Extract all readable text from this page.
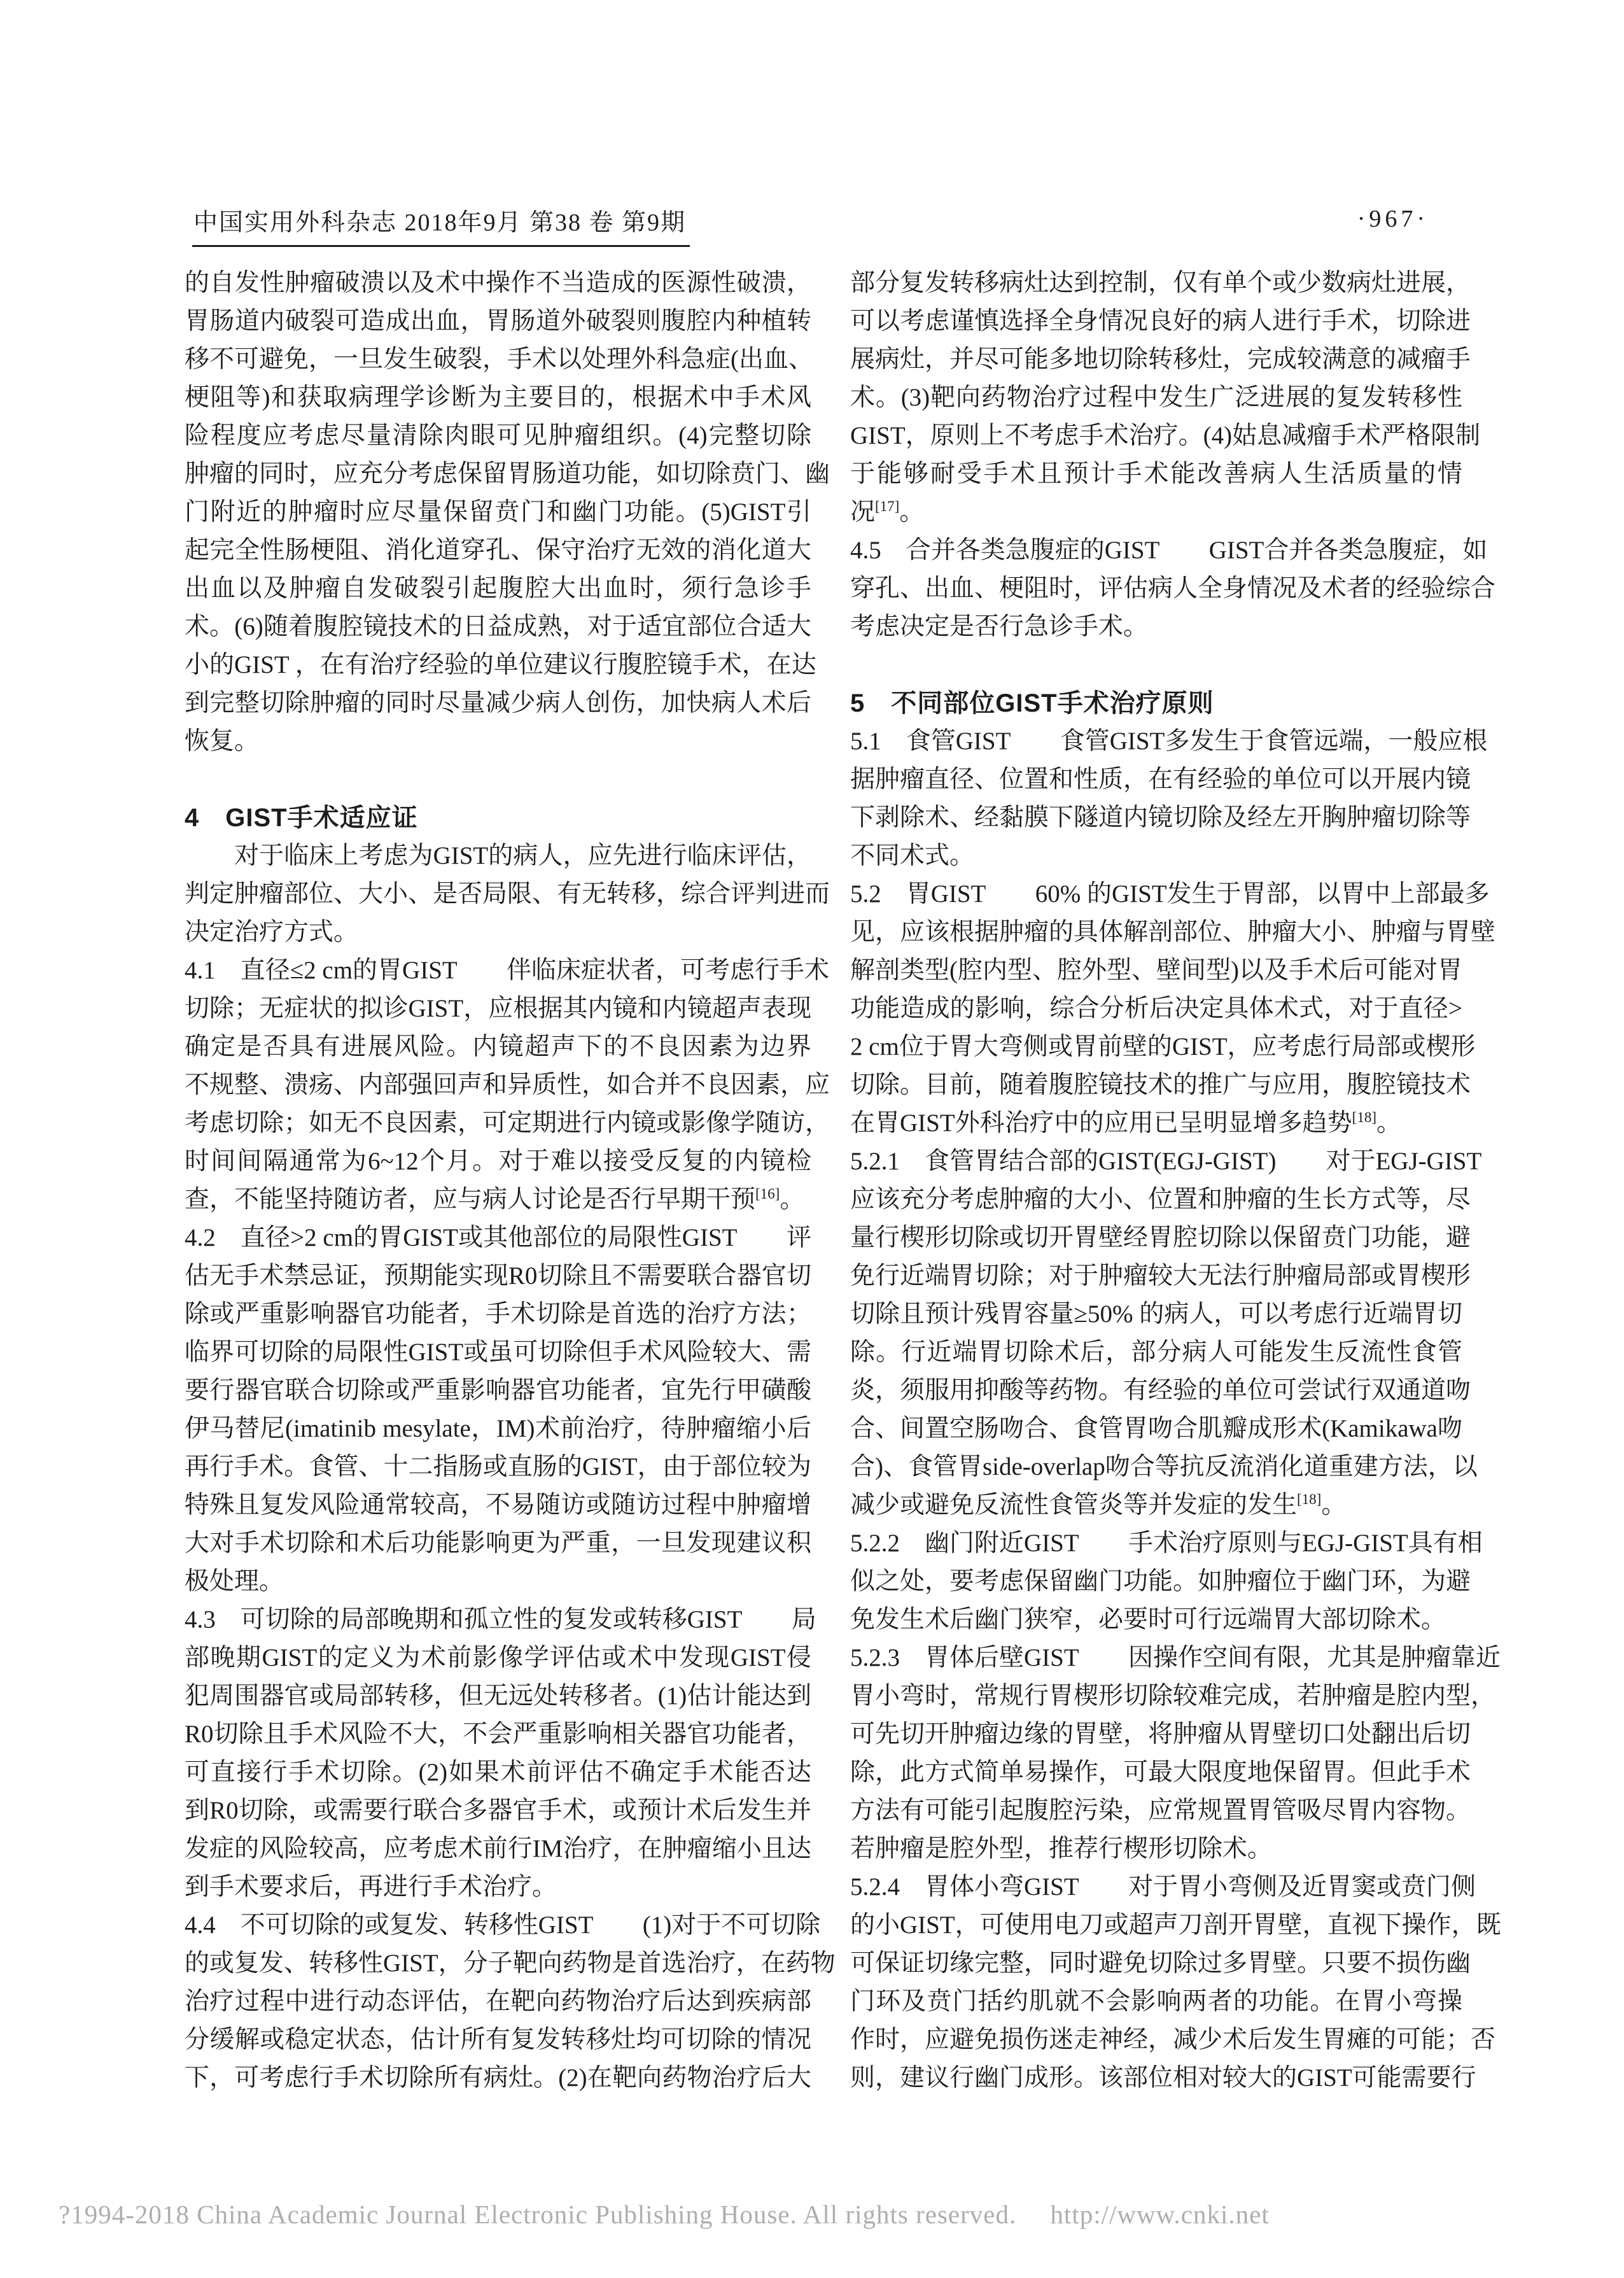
中国实用外科杂志 2018年9月 第38 卷 第9期	·967·
的自发性肿瘤破溃以及术中操作不当造成的医源性破溃，
胃肠道内破裂可造成出血，胃肠道外破裂则腹腔内种植转
移不可避免，一旦发生破裂，手术以处理外科急症(出血、
梗阻等)和获取病理学诊断为主要目的，根据术中手术风
险程度应考虑尽量清除肉眼可见肿瘤组织。(4)完整切除
肿瘤的同时，应充分考虑保留胃肠道功能，如切除贲门、幽
门附近的肿瘤时应尽量保留贲门和幽门功能。(5)GIST引
起完全性肠梗阻、消化道穿孔、保守治疗无效的消化道大
出血以及肿瘤自发破裂引起腹腔大出血时，须行急诊手
术。(6)随着腹腔镜技术的日益成熟，对于适宜部位合适大
小的GIST ，在有治疗经验的单位建议行腹腔镜手术，在达
到完整切除肿瘤的同时尽量减少病人创伤，加快病人术后
恢复。
4　GIST手术适应证
　　对于临床上考虑为GIST的病人，应先进行临床评估，
判定肿瘤部位、大小、是否局限、有无转移，综合评判进而
决定治疗方式。
4.1　直径≤2 cm的胃GIST　　伴临床症状者，可考虑行手术
切除；无症状的拟诊GIST，应根据其内镜和内镜超声表现
确定是否具有进展风险。内镜超声下的不良因素为边界
不规整、溃疡、内部强回声和异质性，如合并不良因素，应
考虑切除；如无不良因素，可定期进行内镜或影像学随访，
时间间隔通常为6~12个月。对于难以接受反复的内镜检
查，不能坚持随访者，应与病人讨论是否行早期干预[16]。
4.2　直径>2 cm的胃GIST或其他部位的局限性GIST　　评
估无手术禁忌证，预期能实现R0切除且不需要联合器官切
除或严重影响器官功能者，手术切除是首选的治疗方法；
临界可切除的局限性GIST或虽可切除但手术风险较大、需
要行器官联合切除或严重影响器官功能者，宜先行甲磺酸
伊马替尼(imatinib mesylate，IM)术前治疗，待肿瘤缩小后
再行手术。食管、十二指肠或直肠的GIST，由于部位较为
特殊且复发风险通常较高，不易随访或随访过程中肿瘤增
大对手术切除和术后功能影响更为严重，一旦发现建议积
极处理。
4.3　可切除的局部晚期和孤立性的复发或转移GIST　　局
部晚期GIST的定义为术前影像学评估或术中发现GIST侵
犯周围器官或局部转移，但无远处转移者。(1)估计能达到
R0切除且手术风险不大，不会严重影响相关器官功能者，
可直接行手术切除。(2)如果术前评估不确定手术能否达
到R0切除，或需要行联合多器官手术，或预计术后发生并
发症的风险较高，应考虑术前行IM治疗，在肿瘤缩小且达
到手术要求后，再进行手术治疗。
4.4　不可切除的或复发、转移性GIST　　(1)对于不可切除
的或复发、转移性GIST，分子靶向药物是首选治疗，在药物
治疗过程中进行动态评估，在靶向药物治疗后达到疾病部
分缓解或稳定状态，估计所有复发转移灶均可切除的情况
下，可考虑行手术切除所有病灶。(2)在靶向药物治疗后大
部分复发转移病灶达到控制，仅有单个或少数病灶进展，
可以考虑谨慎选择全身情况良好的病人进行手术，切除进
展病灶，并尽可能多地切除转移灶，完成较满意的减瘤手
术。(3)靶向药物治疗过程中发生广泛进展的复发转移性
GIST，原则上不考虑手术治疗。(4)姑息减瘤手术严格限制
于能够耐受手术且预计手术能改善病人生活质量的情
况[17]。
4.5　合并各类急腹症的GIST　　GIST合并各类急腹症，如
穿孔、出血、梗阻时，评估病人全身情况及术者的经验综合
考虑决定是否行急诊手术。
5　不同部位GIST手术治疗原则
5.1　食管GIST　　食管GIST多发生于食管远端，一般应根
据肿瘤直径、位置和性质，在有经验的单位可以开展内镜
下剥除术、经黏膜下隧道内镜切除及经左开胸肿瘤切除等
不同术式。
5.2　胃GIST　　60% 的GIST发生于胃部，以胃中上部最多
见，应该根据肿瘤的具体解剖部位、肿瘤大小、肿瘤与胃壁
解剖类型(腔内型、腔外型、壁间型)以及手术后可能对胃
功能造成的影响，综合分析后决定具体术式，对于直径>
2 cm位于胃大弯侧或胃前壁的GIST，应考虑行局部或楔形
切除。目前，随着腹腔镜技术的推广与应用，腹腔镜技术
在胃GIST外科治疗中的应用已呈明显增多趋势[18]。
5.2.1　食管胃结合部的GIST(EGJ-GIST)　　对于EGJ-GIST
应该充分考虑肿瘤的大小、位置和肿瘤的生长方式等，尽
量行楔形切除或切开胃壁经胃腔切除以保留贲门功能，避
免行近端胃切除；对于肿瘤较大无法行肿瘤局部或胃楔形
切除且预计残胃容量≥50% 的病人，可以考虑行近端胃切
除。行近端胃切除术后，部分病人可能发生反流性食管
炎，须服用抑酸等药物。有经验的单位可尝试行双通道吻
合、间置空肠吻合、食管胃吻合肌瓣成形术(Kamikawa吻
合)、食管胃side-overlap吻合等抗反流消化道重建方法，以
减少或避免反流性食管炎等并发症的发生[18]。
5.2.2　幽门附近GIST　　手术治疗原则与EGJ-GIST具有相
似之处，要考虑保留幽门功能。如肿瘤位于幽门环，为避
免发生术后幽门狭窄，必要时可行远端胃大部切除术。
5.2.3　胃体后壁GIST　　因操作空间有限，尤其是肿瘤靠近
胃小弯时，常规行胃楔形切除较难完成，若肿瘤是腔内型，
可先切开肿瘤边缘的胃壁，将肿瘤从胃壁切口处翻出后切
除，此方式简单易操作，可最大限度地保留胃。但此手术
方法有可能引起腹腔污染，应常规置胃管吸尽胃内容物。
若肿瘤是腔外型，推荐行楔形切除术。
5.2.4　胃体小弯GIST　　对于胃小弯侧及近胃窦或贲门侧
的小GIST，可使用电刀或超声刀剖开胃壁，直视下操作，既
可保证切缘完整，同时避免切除过多胃壁。只要不损伤幽
门环及贲门括约肌就不会影响两者的功能。在胃小弯操
作时，应避免损伤迷走神经，减少术后发生胃瘫的可能；否
则，建议行幽门成形。该部位相对较大的GIST可能需要行
?1994-2018 China Academic Journal Electronic Publishing House. All rights reserved.　 http://www.cnki.net
